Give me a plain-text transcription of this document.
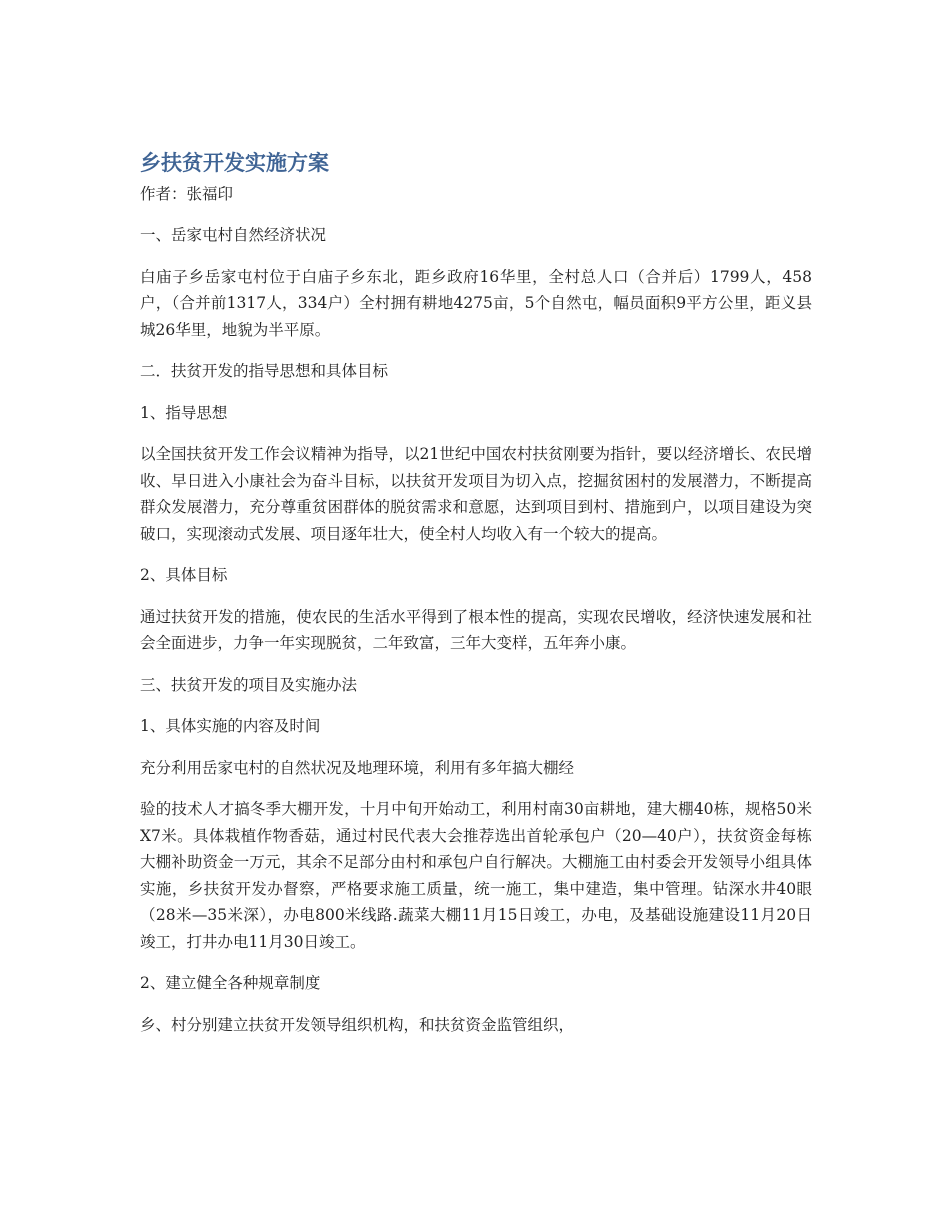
乡扶贫开发实施方案
作者：张福印
一、岳家屯村自然经济状况
白庙子乡岳家屯村位于白庙子乡东北，距乡政府16华里，全村总人口（合并后）1799人，458户，（合并前1317人，334户）全村拥有耕地4275亩，5个自然屯，幅员面积9平方公里，距义县城26华里，地貌为半平原。
二．扶贫开发的指导思想和具体目标
1、指导思想
以全国扶贫开发工作会议精神为指导，以21世纪中国农村扶贫刚要为指针，要以经济增长、农民增收、早日进入小康社会为奋斗目标，以扶贫开发项目为切入点，挖掘贫困村的发展潜力，不断提高群众发展潜力，充分尊重贫困群体的脱贫需求和意愿，达到项目到村、措施到户，以项目建设为突破口，实现滚动式发展、项目逐年壮大，使全村人均收入有一个较大的提高。
2、具体目标
通过扶贫开发的措施，使农民的生活水平得到了根本性的提高，实现农民增收，经济快速发展和社会全面进步，力争一年实现脱贫，二年致富，三年大变样，五年奔小康。
三、扶贫开发的项目及实施办法
1、具体实施的内容及时间
充分利用岳家屯村的自然状况及地理环境，利用有多年搞大棚经
验的技术人才搞冬季大棚开发，十月中旬开始动工，利用村南30亩耕地，建大棚40栋，规格50米X7米。具体栽植作物香菇，通过村民代表大会推荐选出首轮承包户（20—40户），扶贫资金每栋大棚补助资金一万元，其余不足部分由村和承包户自行解决。大棚施工由村委会开发领导小组具体实施，乡扶贫开发办督察，严格要求施工质量，统一施工，集中建造，集中管理。钻深水井40眼（28米—35米深），办电800米线路.蔬菜大棚11月15日竣工，办电，及基础设施建设11月20日竣工，打井办电11月30日竣工。
2、建立健全各种规章制度
乡、村分别建立扶贫开发领导组织机构，和扶贫资金监管组织，
